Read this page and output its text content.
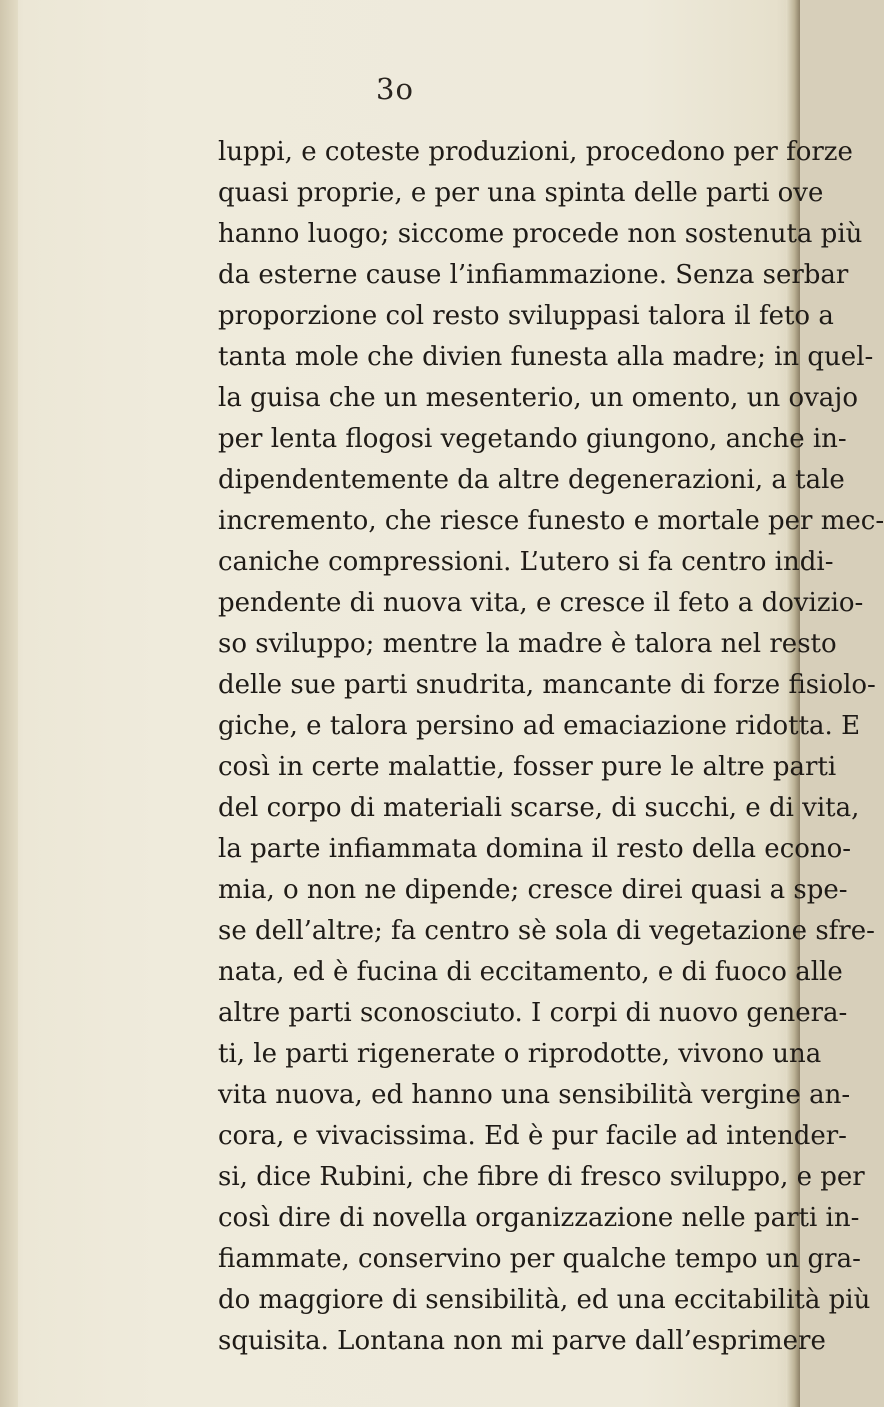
3o
luppi, e coteste produzioni, procedono per forze
quasi proprie, e per una spinta delle parti ove
hanno luogo; siccome procede non sostenuta più
da esterne cause l’infiammazione. Senza serbar
proporzione col resto sviluppasi talora il feto a
tanta mole che divien funesta alla madre; in quel-
la guisa che un mesenterio, un omento, un ovajo
per lenta flogosi vegetando giungono, anche in-
dipendentemente da altre degenerazioni, a tale
incremento, che riesce funesto e mortale per mec-
caniche compressioni. L’utero si fa centro indi-
pendente di nuova vita, e cresce il feto a dovizio-
so sviluppo; mentre la madre è talora nel resto
delle sue parti snudrita, mancante di forze fisiolo-
giche, e talora persino ad emaciazione ridotta. E
così in certe malattie, fosser pure le altre parti
del corpo di materiali scarse, di succhi, e di vita,
la parte infiammata domina il resto della econo-
mia, o non ne dipende; cresce direi quasi a spe-
se dell’altre; fa centro sè sola di vegetazione sfre-
nata, ed è fucina di eccitamento, e di fuoco alle
altre parti sconosciuto. I corpi di nuovo genera-
ti, le parti rigenerate o riprodotte, vivono una
vita nuova, ed hanno una sensibilità vergine an-
cora, e vivacissima. Ed è pur facile ad intender-
si, dice Rubini, che fibre di fresco sviluppo, e per
così dire di novella organizzazione nelle parti in-
fiammate, conservino per qualche tempo un gra-
do maggiore di sensibilità, ed una eccitabilità più
squisita. Lontana non mi parve dall’esprimere
